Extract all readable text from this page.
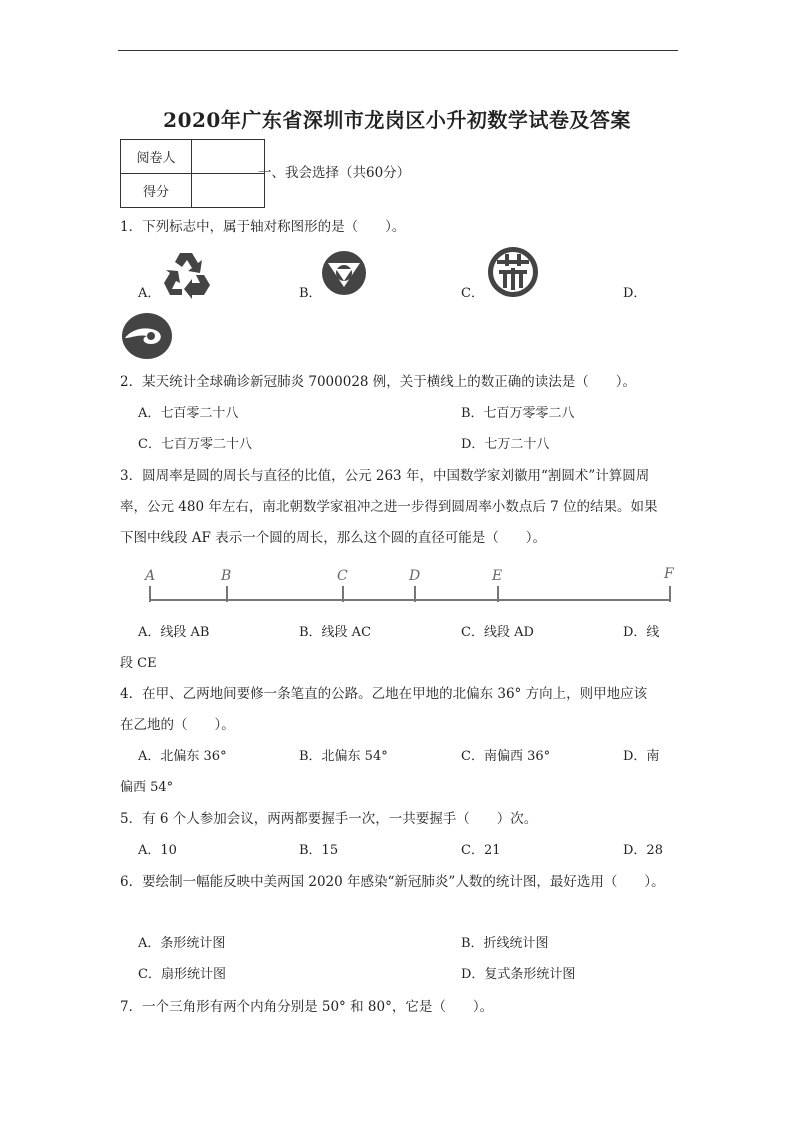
2020年广东省深圳市龙岗区小升初数学试卷及答案
阅卷人	
得分	
一、我会选择（共60分）
1．下列标志中，属于轴对称图形的是（　　）。
A．	B．	C．	D．
2．某天统计全球确诊新冠肺炎 7000028 例，关于横线上的数正确的读法是（　　）。
A．七百零二十八	B．七百万零零二八
C．七百万零二十八	D．七万二十八
3．圆周率是圆的周长与直径的比值，公元 263 年，中国数学家刘徽用“割圆术”计算圆周
率，公元 480 年左右，南北朝数学家祖冲之进一步得到圆周率小数点后 7 位的结果。如果
下图中线段 AF 表示一个圆的周长，那么这个圆的直径可能是（　　）。
A	B	C	D	E	F
A．线段 AB	B．线段 AC	C．线段 AD	D．线
段 CE
4．在甲、乙两地间要修一条笔直的公路。乙地在甲地的北偏东 36° 方向上，则甲地应该
在乙地的（　　）。
A．北偏东 36°	B．北偏东 54°	C．南偏西 36°	D．南
偏西 54°
5．有 6 个人参加会议，两两都要握手一次，一共要握手（　　）次。
A．10	B．15	C．21	D．28
6．要绘制一幅能反映中美两国 2020 年感染“新冠肺炎”人数的统计图，最好选用（　　）。
A．条形统计图	B．折线统计图
C．扇形统计图	D．复式条形统计图
7．一个三角形有两个内角分别是 50° 和 80°，它是（　　）。
